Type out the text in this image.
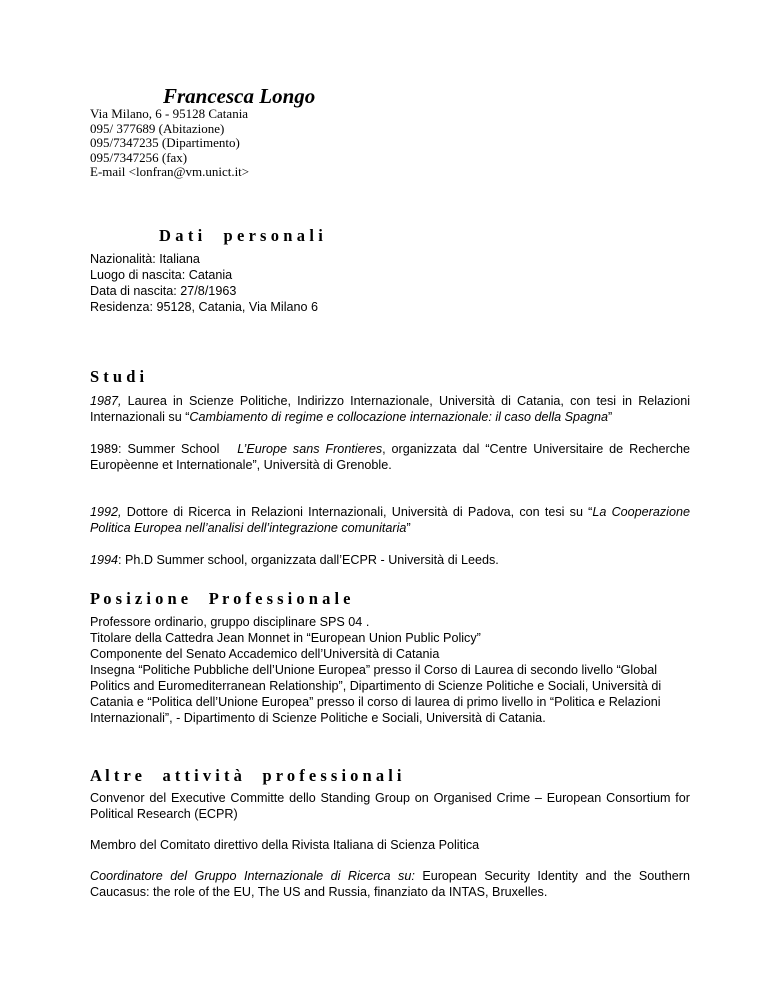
Francesca Longo
Via Milano, 6 - 95128 Catania
095/ 377689 (Abitazione)
095/7347235 (Dipartimento)
095/7347256 (fax)
E-mail <lonfran@vm.unict.it>
D a t i     p e r s o n a l i
Nazionalità: Italiana
Luogo di nascita: Catania
Data di nascita: 27/8/1963
Residenza: 95128, Catania, Via Milano 6
S t u d i
1987, Laurea in Scienze Politiche, Indirizzo Internazionale, Università di Catania, con tesi in Relazioni Internazionali su “Cambiamento di regime e collocazione internazionale: il caso della Spagna”
1989: Summer School   L’Europe sans Frontieres, organizzata dal “Centre Universitaire de Recherche Europèenne et Internationale”, Università di Grenoble.
1992, Dottore di Ricerca in Relazioni Internazionali, Università di Padova, con tesi su “La Cooperazione Politica Europea nell’analisi dell’integrazione comunitaria”
1994: Ph.D Summer school, organizzata dall’ECPR - Università di Leeds.
P o s i z i o n e     P r o f e s s i o n a l e
Professore ordinario, gruppo disciplinare SPS 04 .
Titolare della Cattedra Jean Monnet in “European Union Public Policy”
Componente del Senato Accademico dell’Università di Catania
Insegna “Politiche Pubbliche dell’Unione Europea” presso il Corso di Laurea di secondo livello “Global
Politics and Euromediterranean Relationship”, Dipartimento di Scienze Politiche e Sociali, Università di
Catania e “Politica dell’Unione Europea” presso il corso di laurea di primo livello in “Politica e Relazioni
Internazionali”, - Dipartimento di Scienze Politiche e Sociali, Università di Catania.
A l t r e     a t t i v i t à     p r o f e s s i o n a l i
Convenor del Executive Committe dello Standing Group on Organised Crime – European Consortium for Political Research (ECPR)
Membro del Comitato direttivo della Rivista Italiana di Scienza Politica
Coordinatore del Gruppo Internazionale di Ricerca su: European Security Identity and the Southern Caucasus: the role of the EU, The US and Russia, finanziato da INTAS, Bruxelles.
